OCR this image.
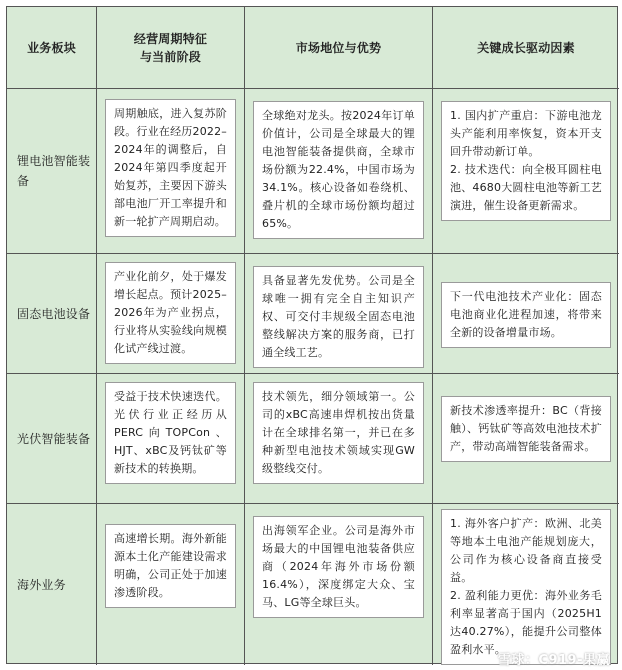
业务板块
经营周期特征
与当前阶段
市场地位与优势	关键成长驱动因素
锂电池智能装备

周期触底，进入复苏阶段。行业在经历2022–2024年的调整后，自2024年第四季度起开始复苏，主要因下游头部电池厂开工率提升和新一轮扩产周期启动。

全球绝对龙头。按2024年订单价值计，公司是全球最大的锂电池智能装备提供商，全球市场份额为22.4%，中国市场为34.1%。核心设备如卷绕机、叠片机的全球市场份额均超过65%。

1. 国内扩产重启：下游电池龙头产能利用率恢复，资本开支回升带动新订单。

2. 技术迭代：向全极耳圆柱电池、4680大圆柱电池等新工艺演进，催生设备更新需求。

固态电池设备

产业化前夕，处于爆发增长起点。预计2025–2026年为产业拐点，行业将从实验线向规模化试产线过渡。

具备显著先发优势。公司是全球唯一拥有完全自主知识产权、可交付丰规级全固态电池整线解决方案的服务商，已打通全线工艺。

下一代电池技术产业化：固态电池商业化进程加速，将带来全新的设备增量市场。

光伏智能装备

受益于技术快速迭代。光伏行业正经历从PERC向TOPCon、HJT、xBC及钙钛矿等新技术的转换期。

技术领先，细分领域第一。公司的xBC高速串焊机按出货量计在全球排名第一，并已在多种新型电池技术领域实现GW级整线交付。

新技术渗透率提升：BC（背接触）、钙钛矿等高效电池技术扩产，带动高端智能装备需求。

海外业务

高速增长期。海外新能源本土化产能建设需求明确，公司正处于加速渗透阶段。

出海领军企业。公司是海外市场最大的中国锂电池装备供应商（2024年海外市场份额16.4%），深度绑定大众、宝马、LG等全球巨头。

1. 海外客户扩产：欧洲、北美等地本土电池产能规划庞大，公司作为核心设备商直接受益。

2. 盈利能力更优：海外业务毛利率显著高于国内（2025H1达40.27%），能提升公司整体盈利水平。

雪球：C919-果赢
